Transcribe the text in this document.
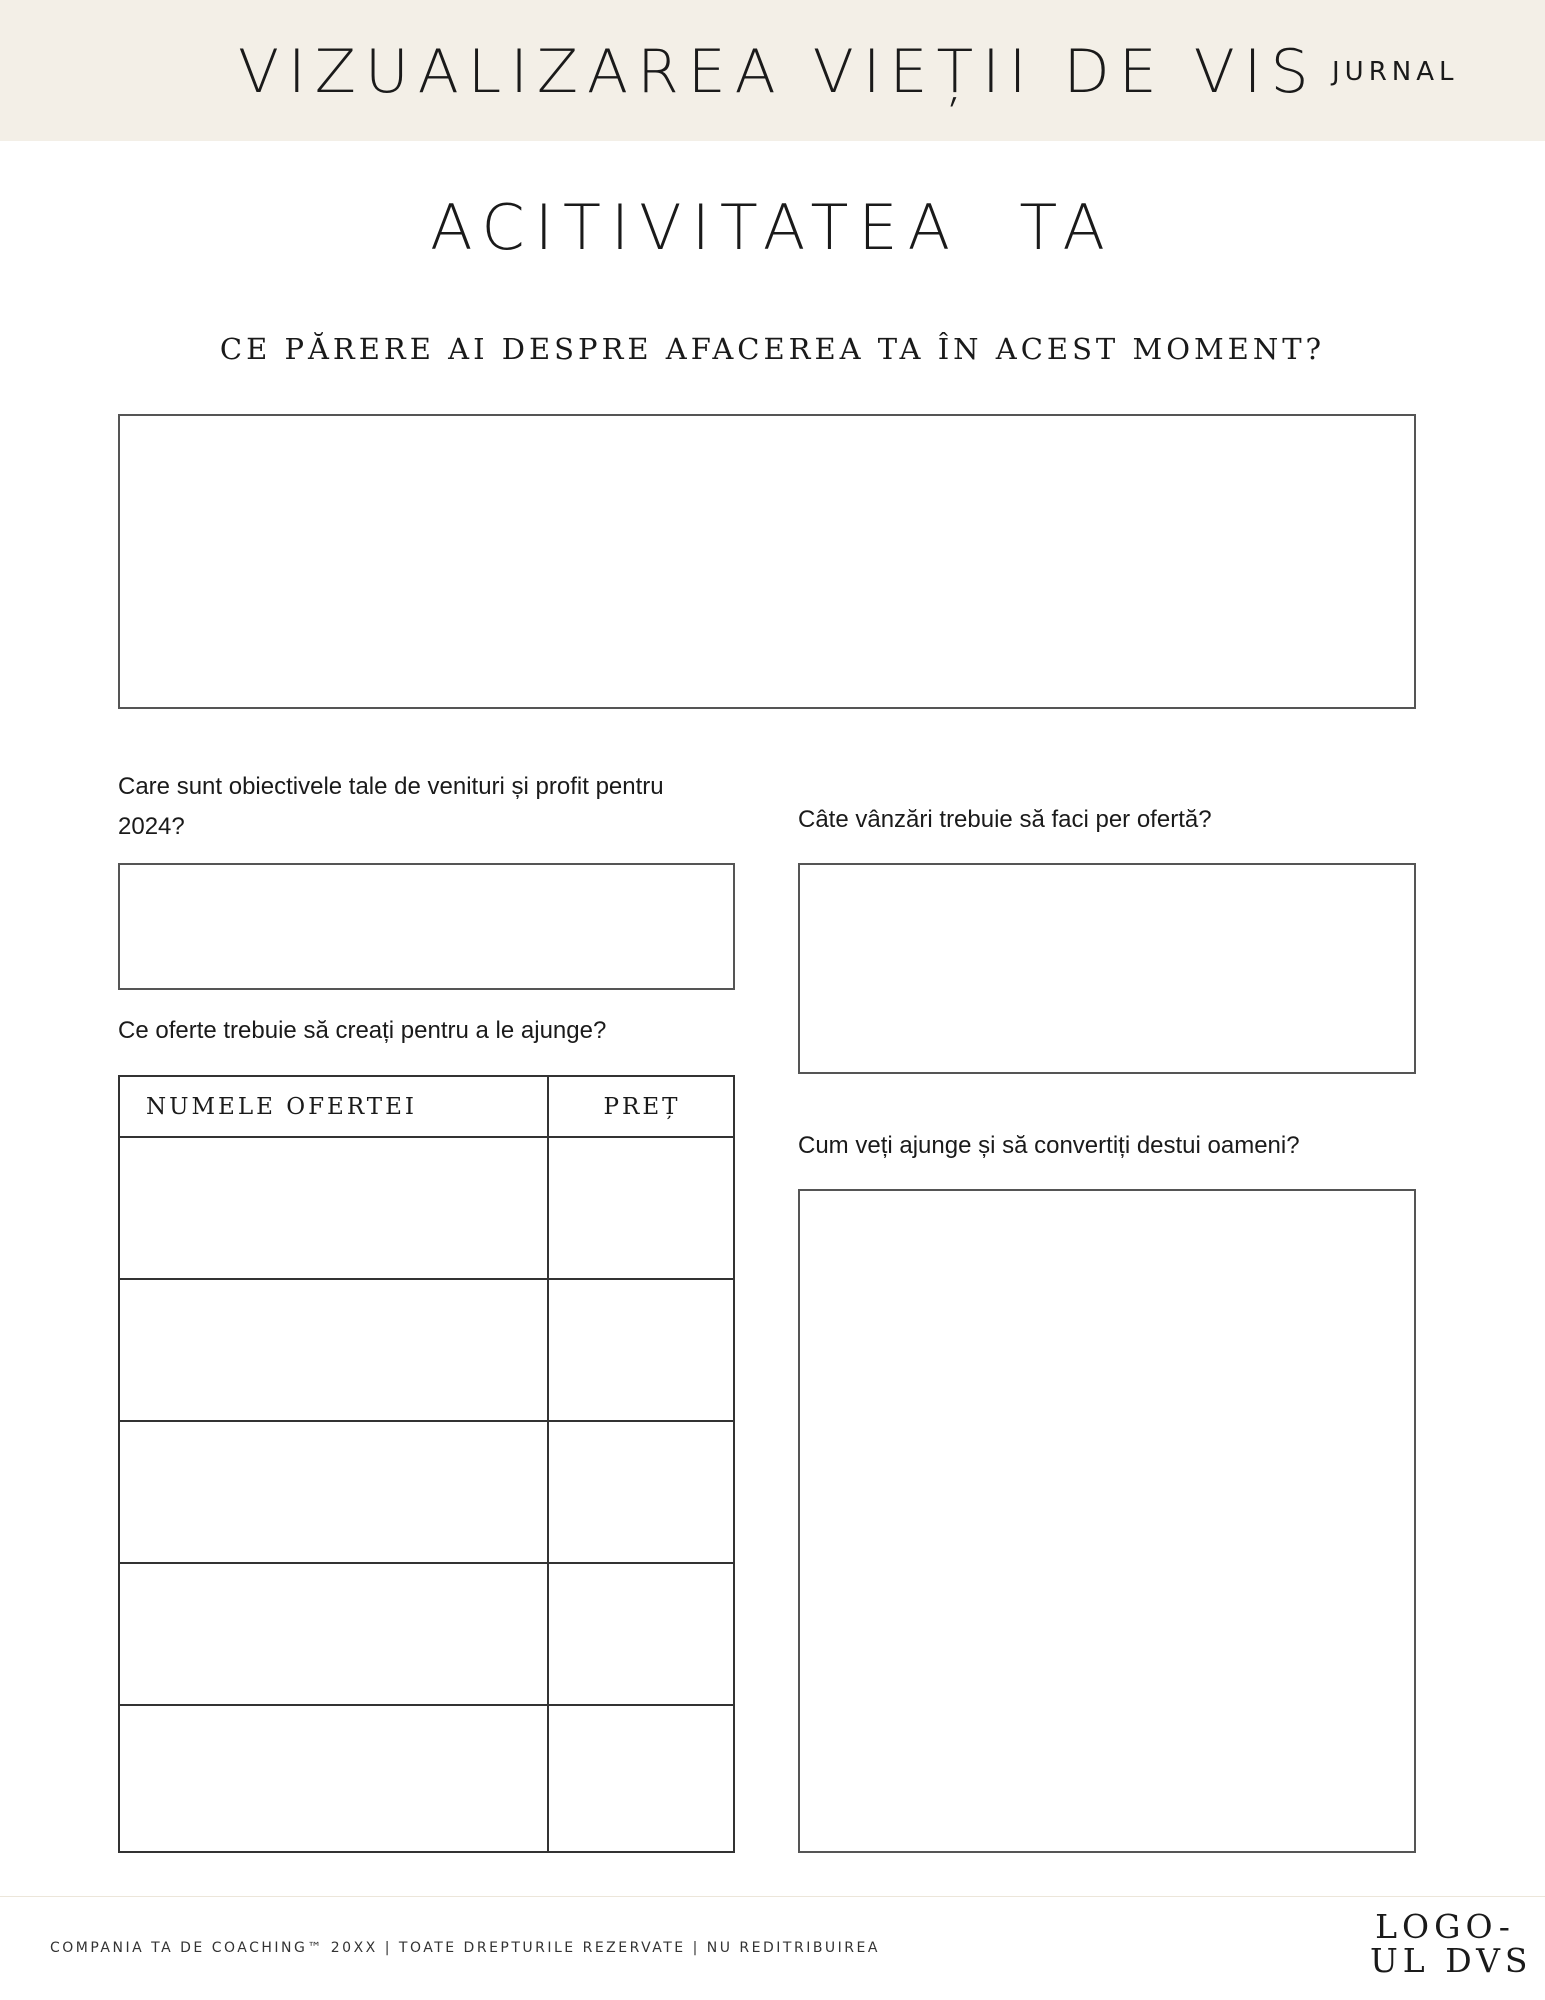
VIZUALIZAREA VIEȚII DE VIS JURNAL
ACITIVITATEA  TA
CE PĂRERE AI DESPRE AFACEREA TA ÎN ACEST MOMENT?
Care sunt obiectivele tale de venituri și profit pentru 2024?
Ce oferte trebuie să creați pentru a le ajunge?
NUMELE OFERTEI	PREȚ
Câte vânzări trebuie să faci per ofertă?
Cum veți ajunge și să convertiți destui oameni?
COMPANIA TA DE COACHING™ 20XX | TOATE DREPTURILE REZERVATE | NU REDITRIBUIREA
LOGO-
UL DVS
